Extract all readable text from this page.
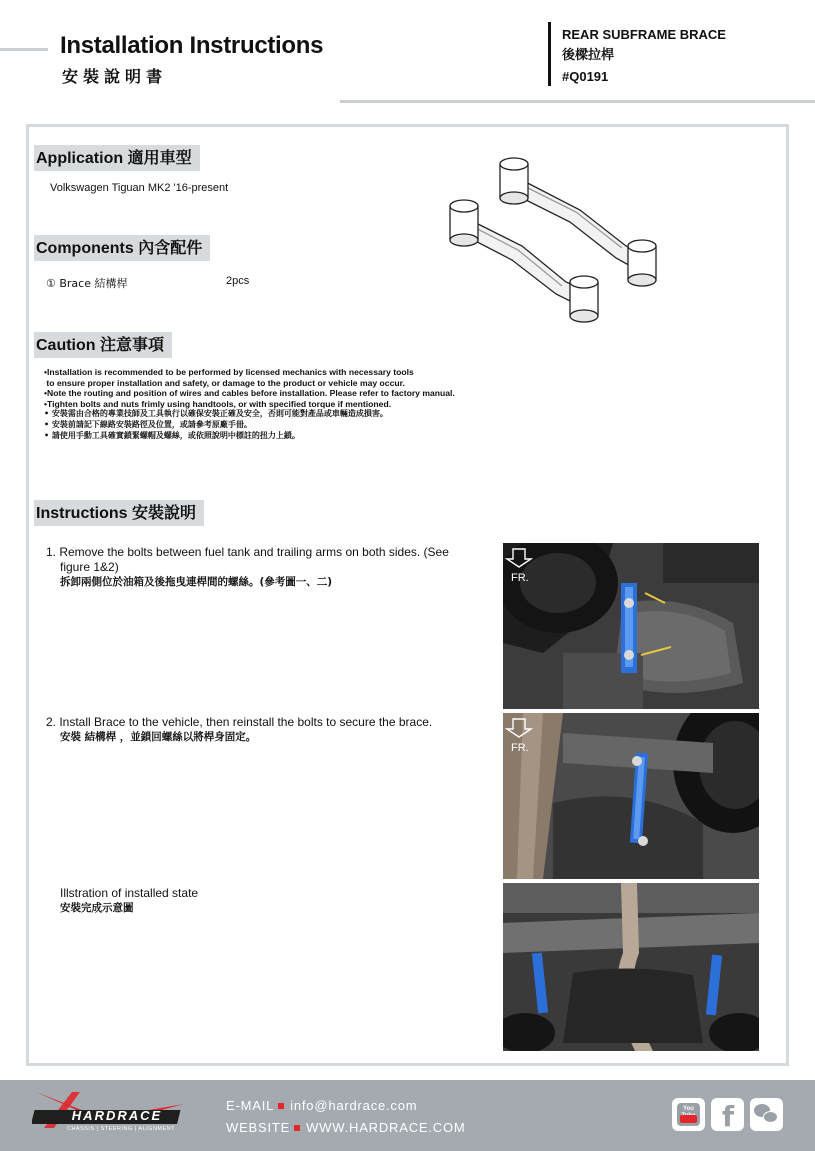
Installation Instructions
安裝說明書
REAR SUBFRAME BRACE
後樑拉桿
#Q0191
Application 適用車型
Volkswagen Tiguan MK2 '16-present
Components 內含配件
① Brace 結構桿	2pcs
Caution 注意事項
•Installation is recommended to be performed by licensed mechanics with necessary tools
to ensure proper installation and safety, or damage to the product or vehicle may occur.
•Note the routing and position of wires and cables before installation. Please refer to factory manual.
•Tighten bolts and nuts frimly using handtools, or with specified torque if mentioned.
• 安裝需由合格的專業技師及工具執行以確保安裝正確及安全，否則可能對產品或車輛造成損害。
• 安裝前請記下線路安裝路徑及位置，或請參考原廠手冊。
• 請使用手動工具確實鎖緊螺帽及螺絲，或依照說明中標註的扭力上鎖。
Instructions 安裝說明
1. Remove the bolts between fuel tank and trailing arms on both sides. (See
figure 1&2)
拆卸兩側位於油箱及後拖曳連桿間的螺絲。(參考圖一、二)
2. Install Brace to the vehicle, then reinstall the bolts to secure the brace.
安裝 結構桿 ，並鎖回螺絲以將桿身固定。
Illstration of installed state
安裝完成示意圖
FR.
FR.
HARDRACE
CHASSIS | STEERING | ALIGNMENT
E-MAIL info@hardrace.com
WEBSITE WWW.HARDRACE.COM
You f
